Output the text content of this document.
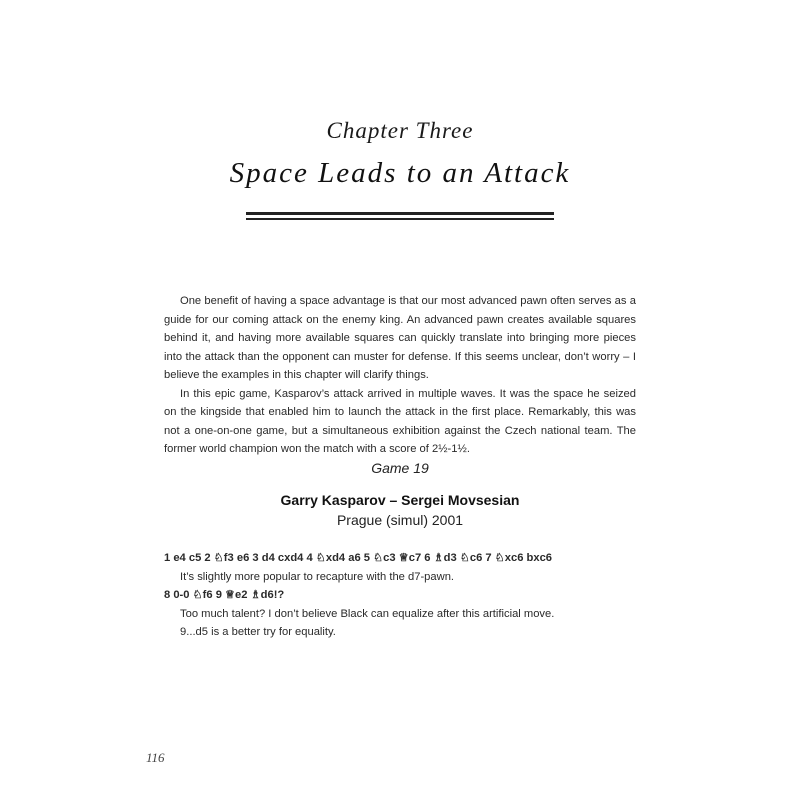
Chapter Three
Space Leads to an Attack

One benefit of having a space advantage is that our most advanced pawn often serves as a guide for our coming attack on the enemy king. An advanced pawn creates available squares behind it, and having more available squares can quickly translate into bringing more pieces into the attack than the opponent can muster for defense. If this seems unclear, don’t worry – I believe the examples in this chapter will clarify things.

In this epic game, Kasparov’s attack arrived in multiple waves. It was the space he seized on the kingside that enabled him to launch the attack in the first place. Remarkably, this was not a one-on-one game, but a simultaneous exhibition against the Czech national team. The former world champion won the match with a score of 2½-1½.

Game 19
Garry Kasparov – Sergei Movsesian
Prague (simul) 2001
1 e4 c5 2 ♘f3 e6 3 d4 cxd4 4 ♘xd4 a6 5 ♘c3 ♕c7 6 ♗d3 ♘c6 7 ♘xc6 bxc6
It’s slightly more popular to recapture with the d7-pawn.
8 0-0 ♘f6 9 ♕e2 ♗d6!?
Too much talent? I don’t believe Black can equalize after this artificial move.
9...d5 is a better try for equality.
116
